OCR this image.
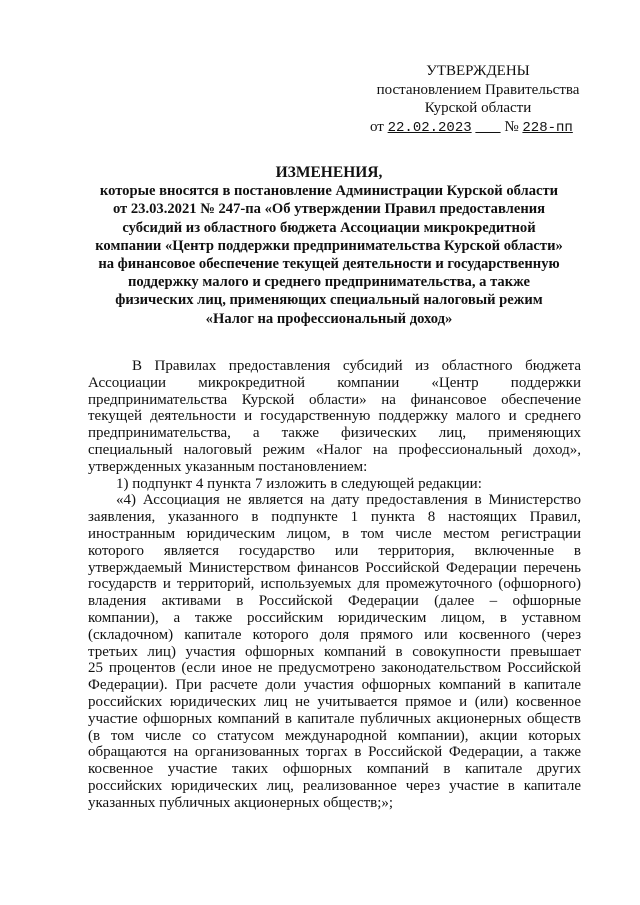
УТВЕРЖДЕНЫ
постановлением Правительства
Курской области
от 22.02.2023 № 228-пп
ИЗМЕНЕНИЯ,
которые вносятся в постановление Администрации Курской области
от 23.03.2021 № 247-па «Об утверждении Правил предоставления
субсидий из областного бюджета Ассоциации микрокредитной
компании «Центр поддержки предпринимательства Курской области»
на финансовое обеспечение текущей деятельности и государственную
поддержку малого и среднего предпринимательства, а также
физических лиц, применяющих специальный налоговый режим
«Налог на профессиональный доход»
В Правилах предоставления субсидий из областного бюджета
Ассоциации микрокредитной компании «Центр поддержки
предпринимательства Курской области» на финансовое обеспечение
текущей деятельности и государственную поддержку малого и среднего
предпринимательства, а также физических лиц, применяющих
специальный налоговый режим «Налог на профессиональный доход»,
утвержденных указанным постановлением:
1) подпункт 4 пункта 7 изложить в следующей редакции:
«4) Ассоциация не является на дату предоставления в Министерство
заявления, указанного в подпункте 1 пункта 8 настоящих Правил,
иностранным юридическим лицом, в том числе местом регистрации
которого является государство или территория, включенные в
утверждаемый Министерством финансов Российской Федерации перечень
государств и территорий, используемых для промежуточного (офшорного)
владения активами в Российской Федерации (далее – офшорные
компании), а также российским юридическим лицом, в уставном
(складочном) капитале которого доля прямого или косвенного (через
третьих лиц) участия офшорных компаний в совокупности превышает
25 процентов (если иное не предусмотрено законодательством Российской
Федерации). При расчете доли участия офшорных компаний в капитале
российских юридических лиц не учитывается прямое и (или) косвенное
участие офшорных компаний в капитале публичных акционерных обществ
(в том числе со статусом международной компании), акции которых
обращаются на организованных торгах в Российской Федерации, а также
косвенное участие таких офшорных компаний в капитале других
российских юридических лиц, реализованное через участие в капитале
указанных публичных акционерных обществ;»;
